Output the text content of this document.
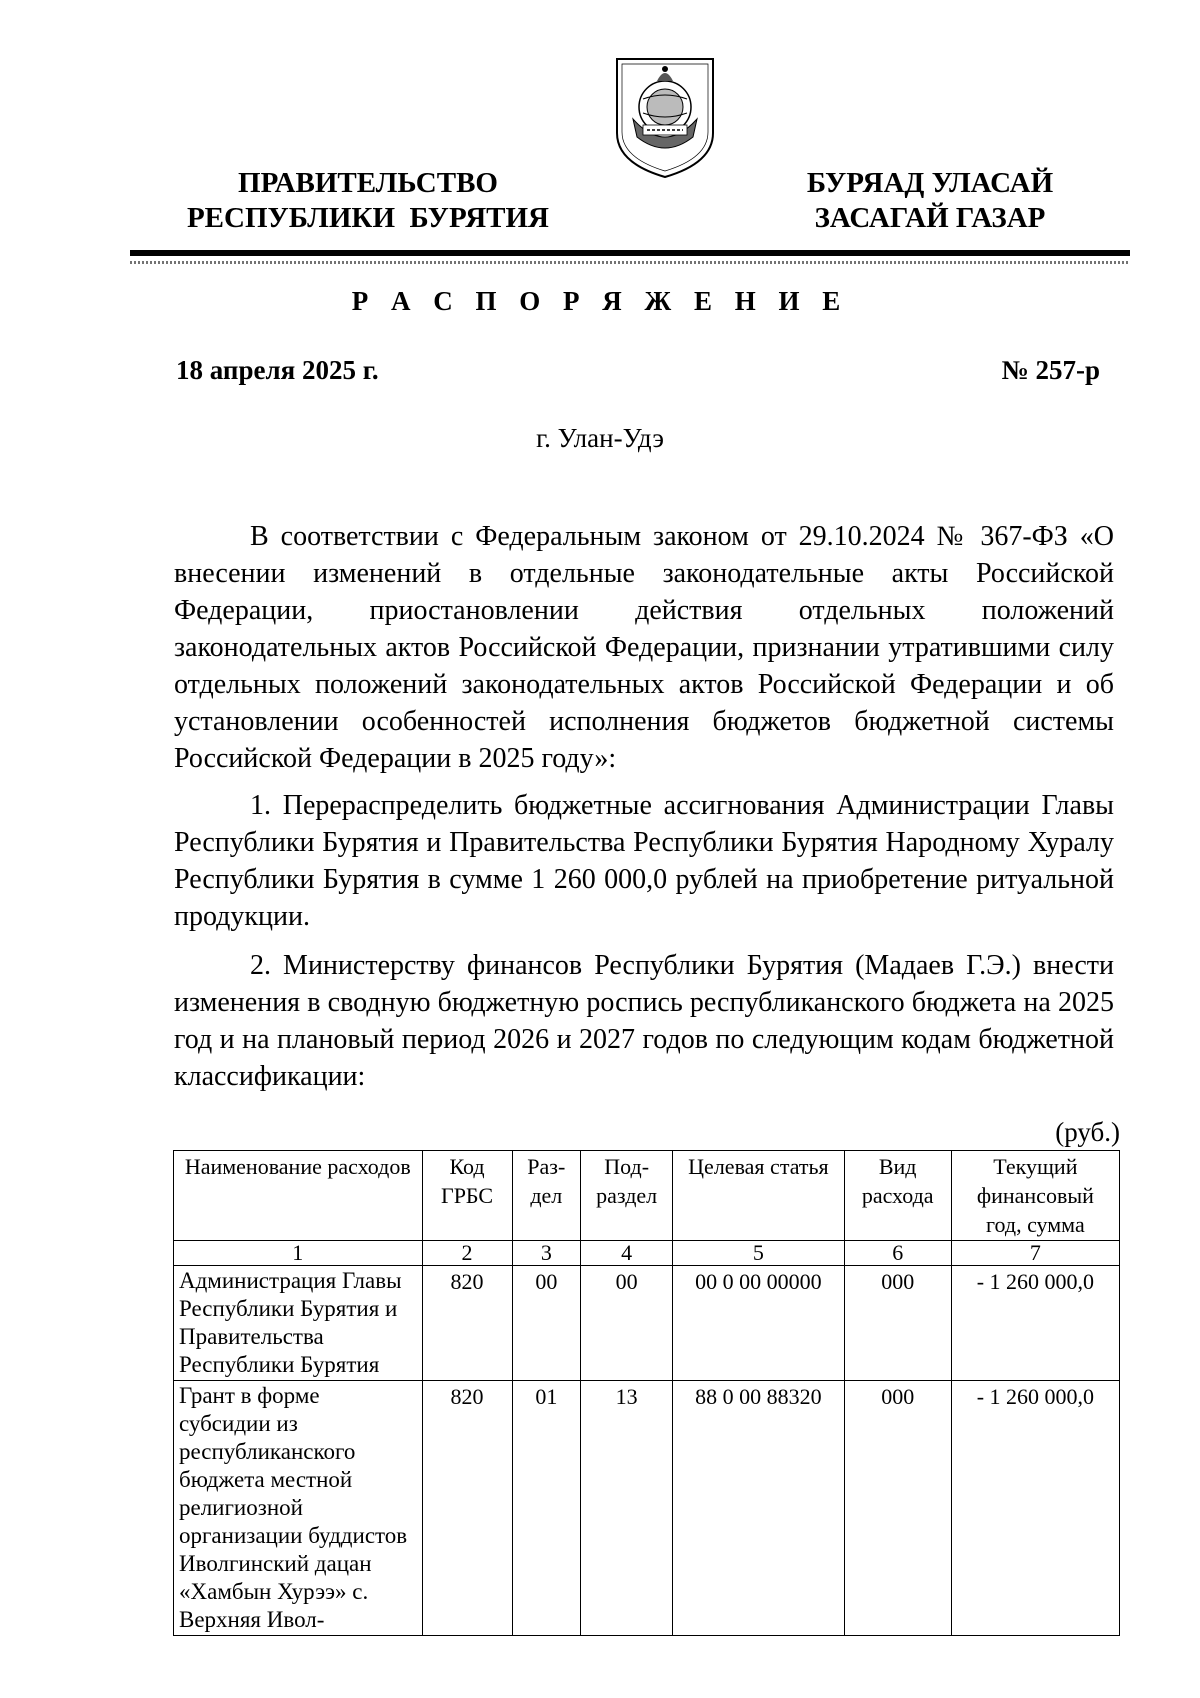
ПРАВИТЕЛЬСТВО
РЕСПУБЛИКИ  БУРЯТИЯ
БУРЯАД УЛАСАЙ
ЗАСАГАЙ ГАЗАР
Р А С П О Р Я Ж Е Н И Е
18 апреля 2025 г.	№ 257-р
г. Улан-Удэ

В соответствии с Федеральным законом от 29.10.2024 № 367-ФЗ «О внесении изменений в отдельные законодательные акты Российской Федерации, приостановлении действия отдельных положений законодательных актов Российской Федерации, признании утратившими силу отдельных положений законодательных актов Российской Федерации и об установлении особенностей исполнения бюджетов бюджетной системы Российской Федерации в 2025 году»:

1. Перераспределить бюджетные ассигнования Администрации Главы Республики Бурятия и Правительства Республики Бурятия Народному Хуралу Республики Бурятия в сумме 1 260 000,0 рублей на приобретение ритуальной продукции.

2. Министерству финансов Республики Бурятия (Мадаев Г.Э.) внести изменения в сводную бюджетную роспись республиканского бюджета на 2025 год и на плановый период 2026 и 2027 годов по следующим кодам бюджетной классификации:

(руб.)
Наименование расходов	Код ГРБС	Раз-дел	Под-раздел	Целевая статья	Вид расхода	Текущий финансовый год, сумма
1	2	3	4	5	6	7
Администрация Главы Республики Бурятия и Правительства Республики Бурятия	820	00	00	00 0 00 00000	000	- 1 260 000,0
Грант в форме субсидии из республиканского бюджета местной религиозной организации буддистов Иволгинский дацан «Хамбын Хурээ» с. Верхняя Ивол-	820	01	13	88 0 00 88320	000	- 1 260 000,0
